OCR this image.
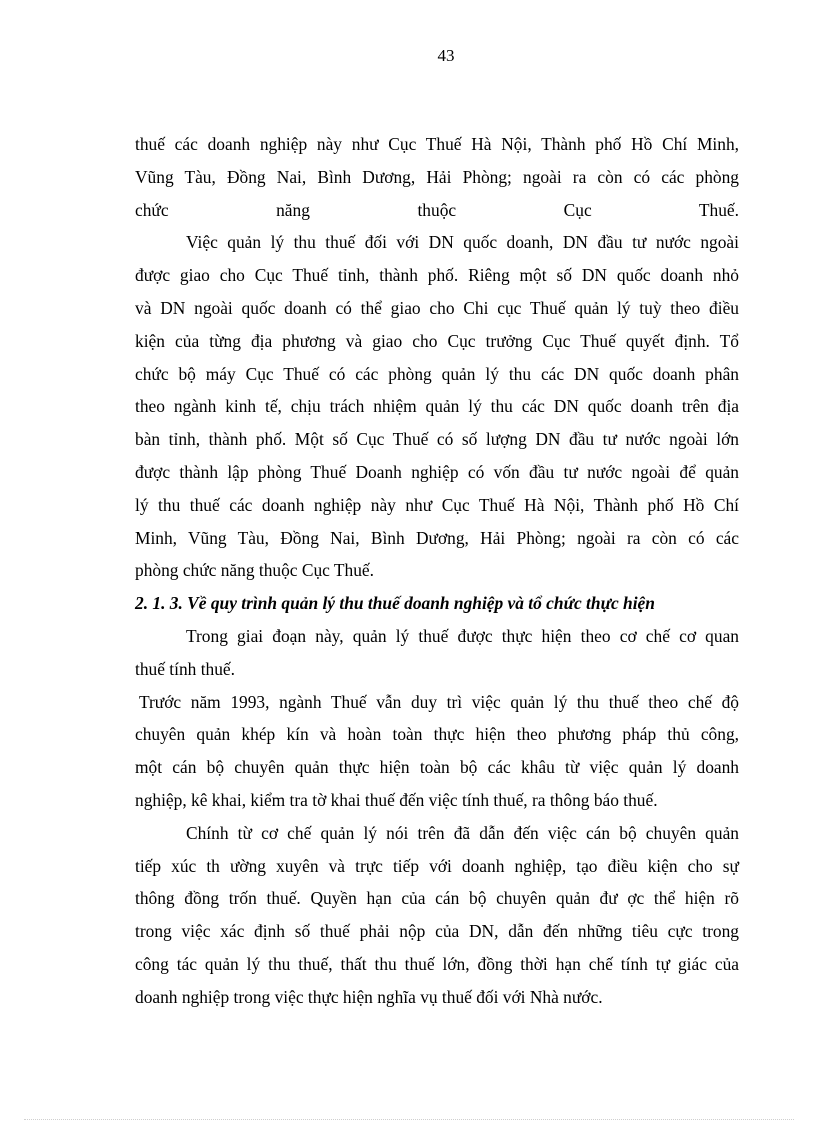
43
thuế các doanh nghiệp này như Cục Thuế Hà Nội, Thành phố Hồ Chí Minh,
Vũng Tàu, Đồng Nai, Bình Dương, Hải Phòng; ngoài ra còn có các phòng
chức năng thuộc Cục Thuế.
Việc quản lý thu thuế đối với DN quốc doanh, DN đầu tư nước ngoài
được giao cho Cục Thuế tỉnh, thành phố. Riêng một số DN quốc doanh nhỏ
và DN ngoài quốc doanh có thể giao cho Chi cục Thuế quản lý tuỳ theo điều
kiện của từng địa phương và giao cho Cục trưởng Cục Thuế quyết định. Tổ
chức bộ máy Cục Thuế có các phòng quản lý thu các DN quốc doanh phân
theo ngành kinh tế, chịu trách nhiệm quản lý thu các DN quốc doanh trên địa
bàn tỉnh, thành phố. Một số Cục Thuế có số lượng DN đầu tư nước ngoài lớn
được thành lập phòng Thuế Doanh nghiệp có vốn đầu tư nước ngoài để quản
lý thu thuế các doanh nghiệp này như Cục Thuế Hà Nội, Thành phố Hồ Chí
Minh, Vũng Tàu, Đồng Nai, Bình Dương, Hải Phòng; ngoài ra còn có các
phòng chức năng thuộc Cục Thuế.
2. 1. 3. Về quy trình quản lý thu thuế doanh nghiệp và tổ chức thực hiện
Trong giai đoạn này, quản lý thuế được thực hiện theo cơ chế cơ quan
thuế tính thuế.
Trước năm 1993, ngành Thuế vẫn duy trì việc quản lý thu thuế theo chế độ
chuyên quản khép kín và hoàn toàn thực hiện theo phương pháp thủ công,
một cán bộ chuyên quản thực hiện toàn bộ các khâu từ việc quản lý doanh
nghiệp, kê khai, kiểm tra tờ khai thuế đến việc tính thuế, ra thông báo thuế.
Chính từ cơ chế quản lý nói trên đã dẫn đến việc cán bộ chuyên quản
tiếp xúc th ường xuyên và trực tiếp với doanh nghiệp, tạo điều kiện cho sự
thông đồng trốn thuế. Quyền hạn của cán bộ chuyên quản đư ợc thể hiện rõ
trong việc xác định số thuế phải nộp của DN, dẫn đến những tiêu cực trong
công tác quản lý thu thuế, thất thu thuế lớn, đồng thời hạn chế tính tự giác của
doanh nghiệp trong việc thực hiện nghĩa vụ thuế đối với Nhà nước.
